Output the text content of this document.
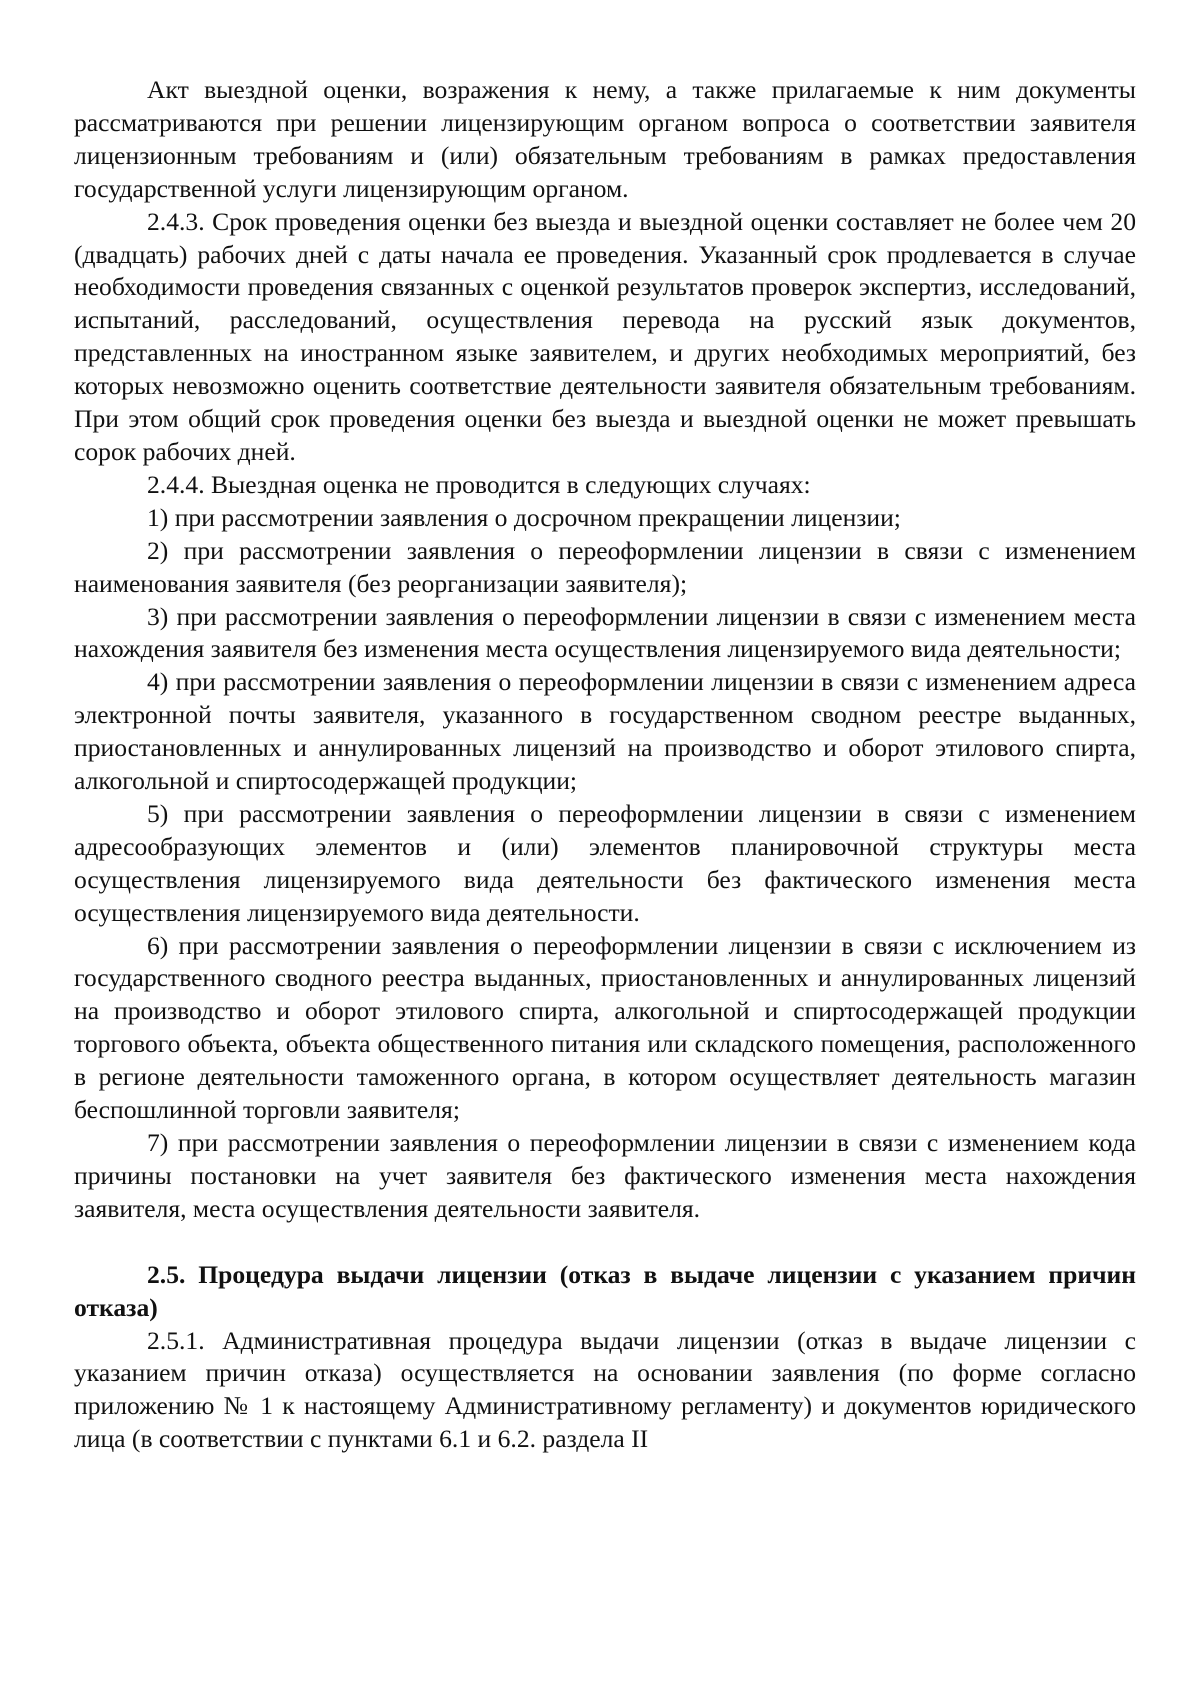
Акт выездной оценки, возражения к нему, а также прилагаемые к ним документы рассматриваются при решении лицензирующим органом вопроса о соответствии заявителя лицензионным требованиям и (или) обязательным требованиям в рамках предоставления государственной услуги лицензирующим органом.

2.4.3. Срок проведения оценки без выезда и выездной оценки составляет не более чем 20 (двадцать) рабочих дней с даты начала ее проведения. Указанный срок продлевается в случае необходимости проведения связанных с оценкой результатов проверок экспертиз, исследований, испытаний, расследований, осуществления перевода на русский язык документов, представленных на иностранном языке заявителем, и других необходимых мероприятий, без которых невозможно оценить соответствие деятельности заявителя обязательным требованиям. При этом общий срок проведения оценки без выезда и выездной оценки не может превышать сорок рабочих дней.

2.4.4. Выездная оценка не проводится в следующих случаях:

1) при рассмотрении заявления о досрочном прекращении лицензии;

2) при рассмотрении заявления о переоформлении лицензии в связи с изменением наименования заявителя (без реорганизации заявителя);

3) при рассмотрении заявления о переоформлении лицензии в связи с изменением места нахождения заявителя без изменения места осуществления лицензируемого вида деятельности;

4) при рассмотрении заявления о переоформлении лицензии в связи с изменением адреса электронной почты заявителя, указанного в государственном сводном реестре выданных, приостановленных и аннулированных лицензий на производство и оборот этилового спирта, алкогольной и спиртосодержащей продукции;

5) при рассмотрении заявления о переоформлении лицензии в связи с изменением адресообразующих элементов и (или) элементов планировочной структуры места осуществления лицензируемого вида деятельности без фактического изменения места осуществления лицензируемого вида деятельности.

6) при рассмотрении заявления о переоформлении лицензии в связи с исключением из государственного сводного реестра выданных, приостановленных и аннулированных лицензий на производство и оборот этилового спирта, алкогольной и спиртосодержащей продукции торгового объекта, объекта общественного питания или складского помещения, расположенного в регионе деятельности таможенного органа, в котором осуществляет деятельность магазин беспошлинной торговли заявителя;

7) при рассмотрении заявления о переоформлении лицензии в связи с изменением кода причины постановки на учет заявителя без фактического изменения места нахождения заявителя, места осуществления деятельности заявителя.

2.5. Процедура выдачи лицензии (отказ в выдаче лицензии с указанием причин отказа)

2.5.1. Административная процедура выдачи лицензии (отказ в выдаче лицензии с указанием причин отказа) осуществляется на основании заявления (по форме согласно приложению № 1 к настоящему Административному регламенту) и документов юридического лица (в соответствии с пунктами 6.1 и 6.2. раздела II
